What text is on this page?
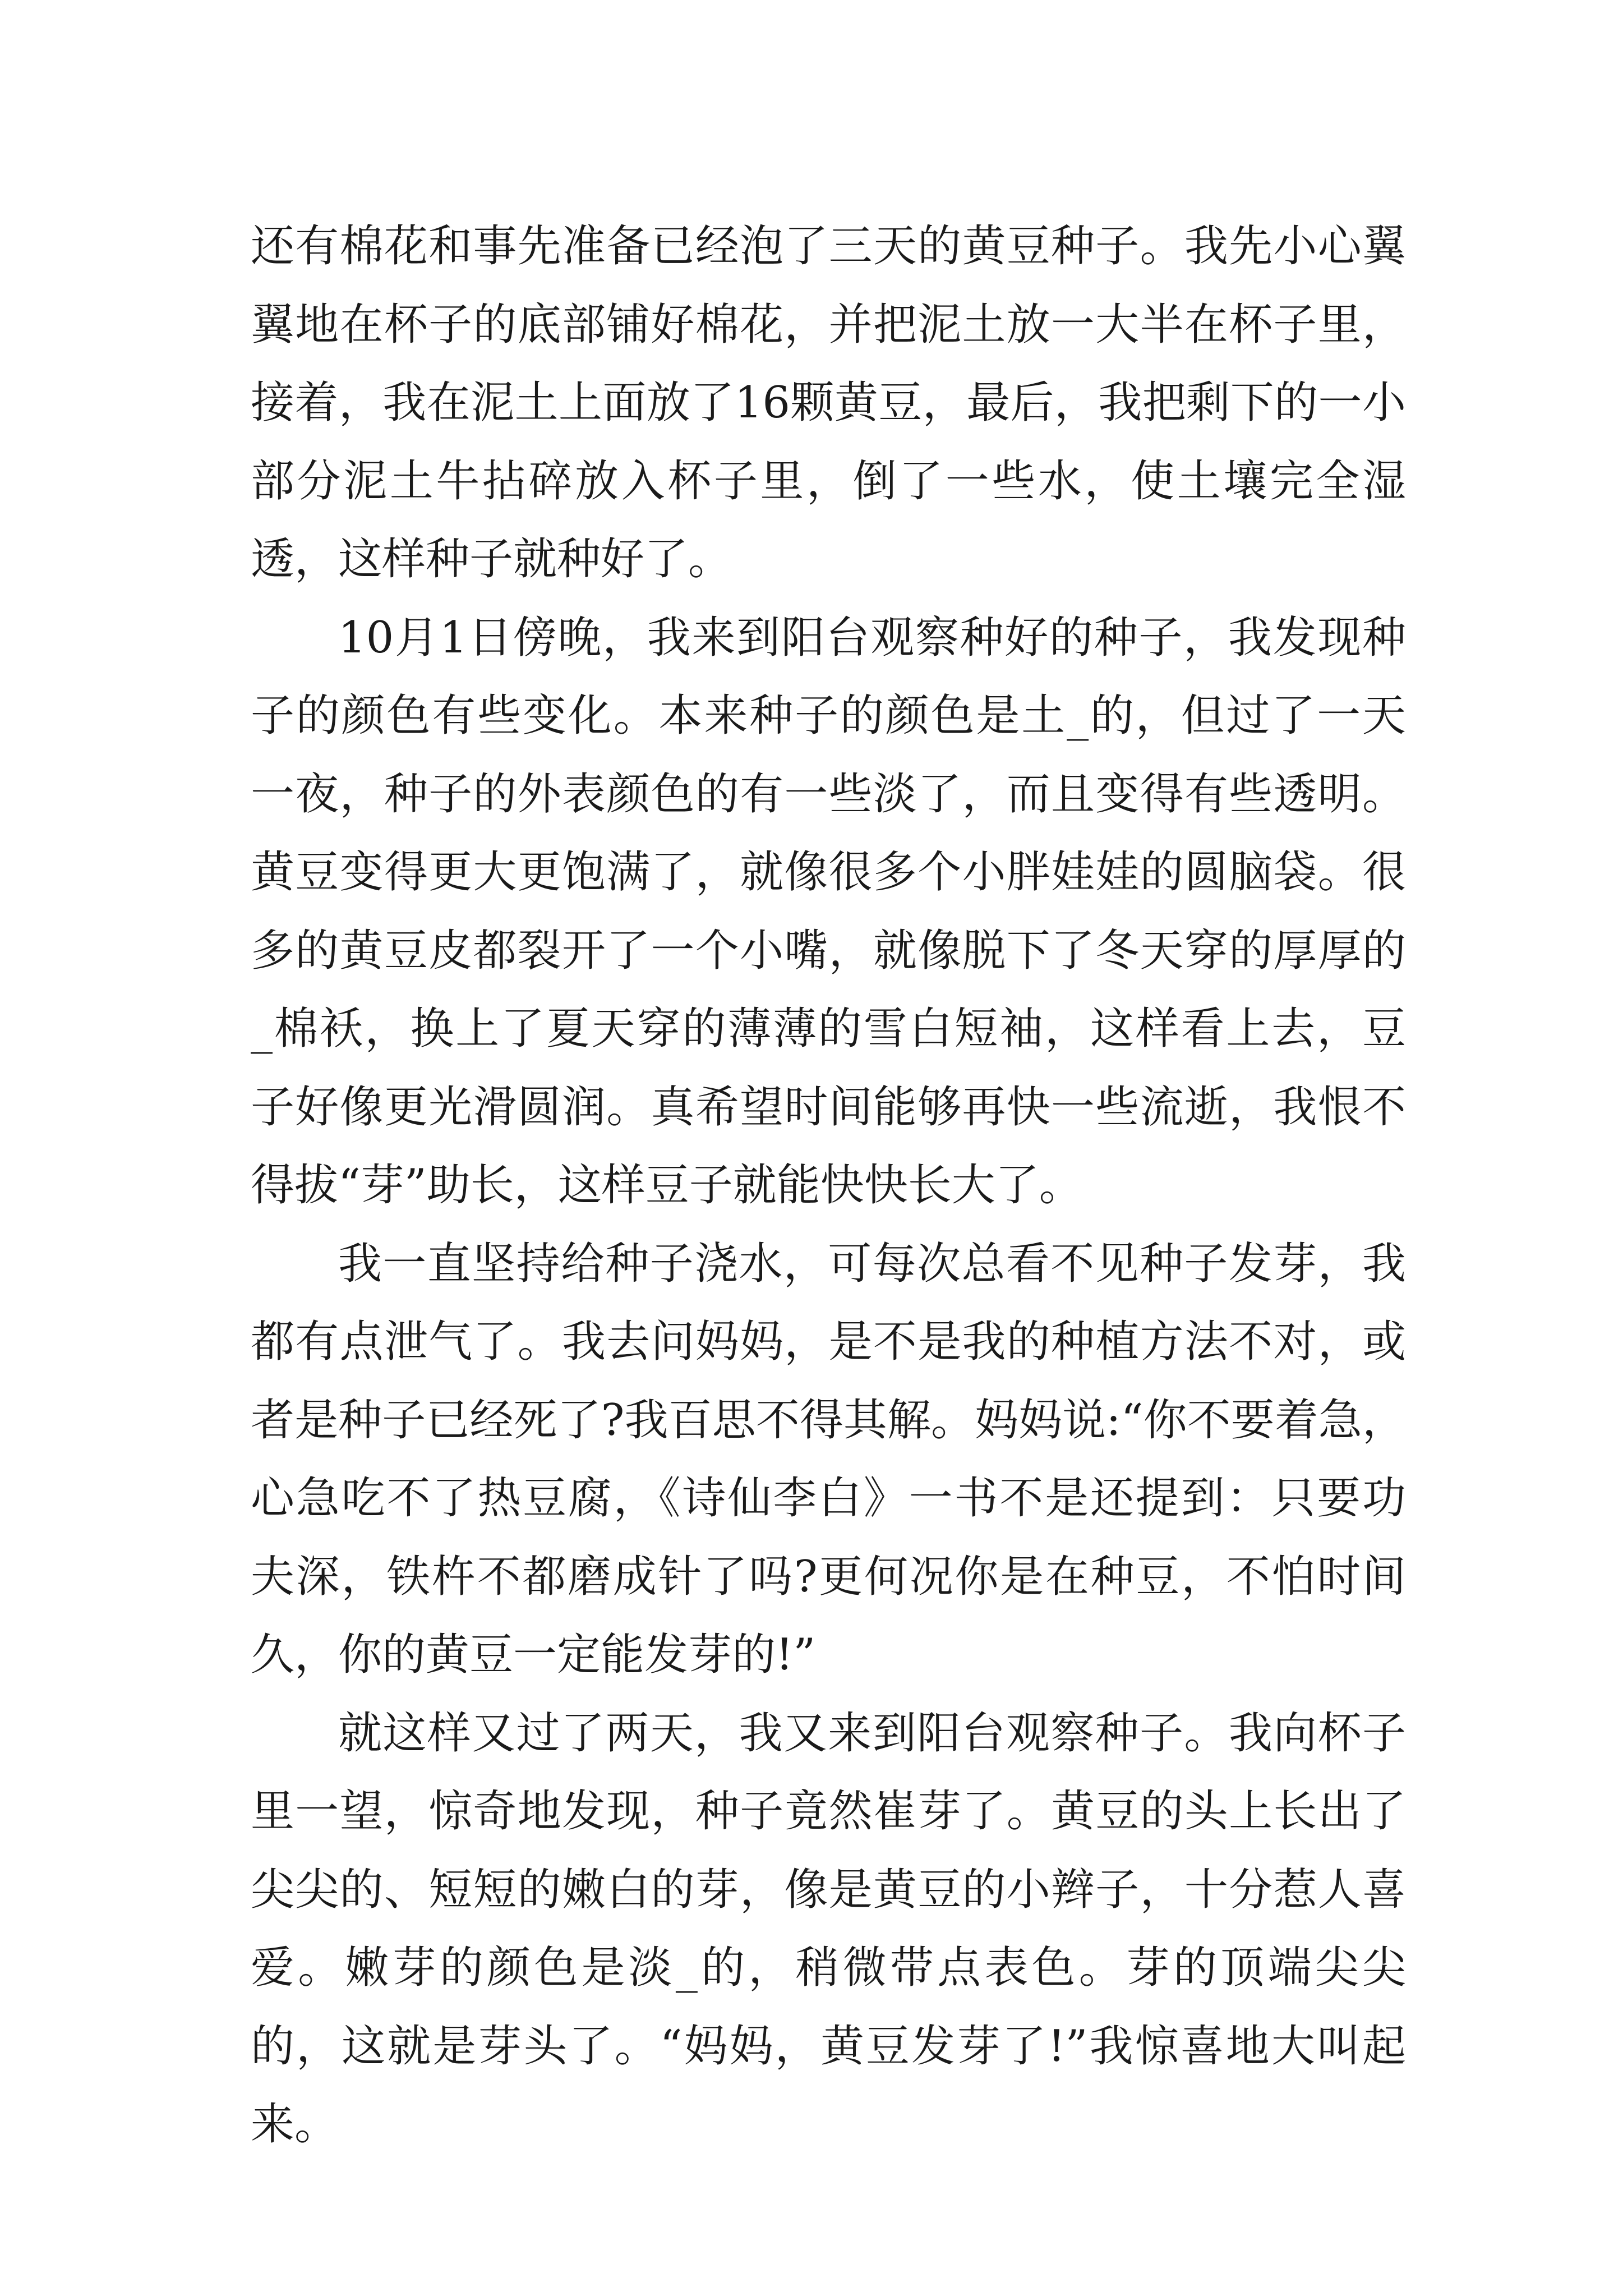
还有棉花和事先准备已经泡了三天的黄豆种子。我先小心翼翼地在杯子的底部铺好棉花，并把泥土放一大半在杯子里，接着，我在泥土上面放了16颗黄豆，最后，我把剩下的一小部分泥土牛拈碎放入杯子里，倒了一些水，使土壤完全湿透，这样种子就种好了。

10月1日傍晚，我来到阳台观察种好的种子，我发现种子的颜色有些变化。本来种子的颜色是土_的，但过了一天一夜，种子的外表颜色的有一些淡了，而且变得有些透明。黄豆变得更大更饱满了，就像很多个小胖娃娃的圆脑袋。很多的黄豆皮都裂开了一个小嘴，就像脱下了冬天穿的厚厚的_棉袄，换上了夏天穿的薄薄的雪白短袖，这样看上去，豆子好像更光滑圆润。真希望时间能够再快一些流逝，我恨不得拔“芽”助长，这样豆子就能快快长大了。

我一直坚持给种子浇水，可每次总看不见种子发芽，我都有点泄气了。我去问妈妈，是不是我的种植方法不对，或者是种子已经死了?我百思不得其解。妈妈说:“你不要着急，心急吃不了热豆腐，《诗仙李白》一书不是还提到：只要功夫深，铁杵不都磨成针了吗?更何况你是在种豆，不怕时间久，你的黄豆一定能发芽的!”

就这样又过了两天，我又来到阳台观察种子。我向杯子里一望，惊奇地发现，种子竟然崔芽了。黄豆的头上长出了尖尖的、短短的嫩白的芽，像是黄豆的小辫子，十分惹人喜爱。嫩芽的颜色是淡_的，稍微带点表色。芽的顶端尖尖的，这就是芽头了。“妈妈，黄豆发芽了!”我惊喜地大叫起来。
